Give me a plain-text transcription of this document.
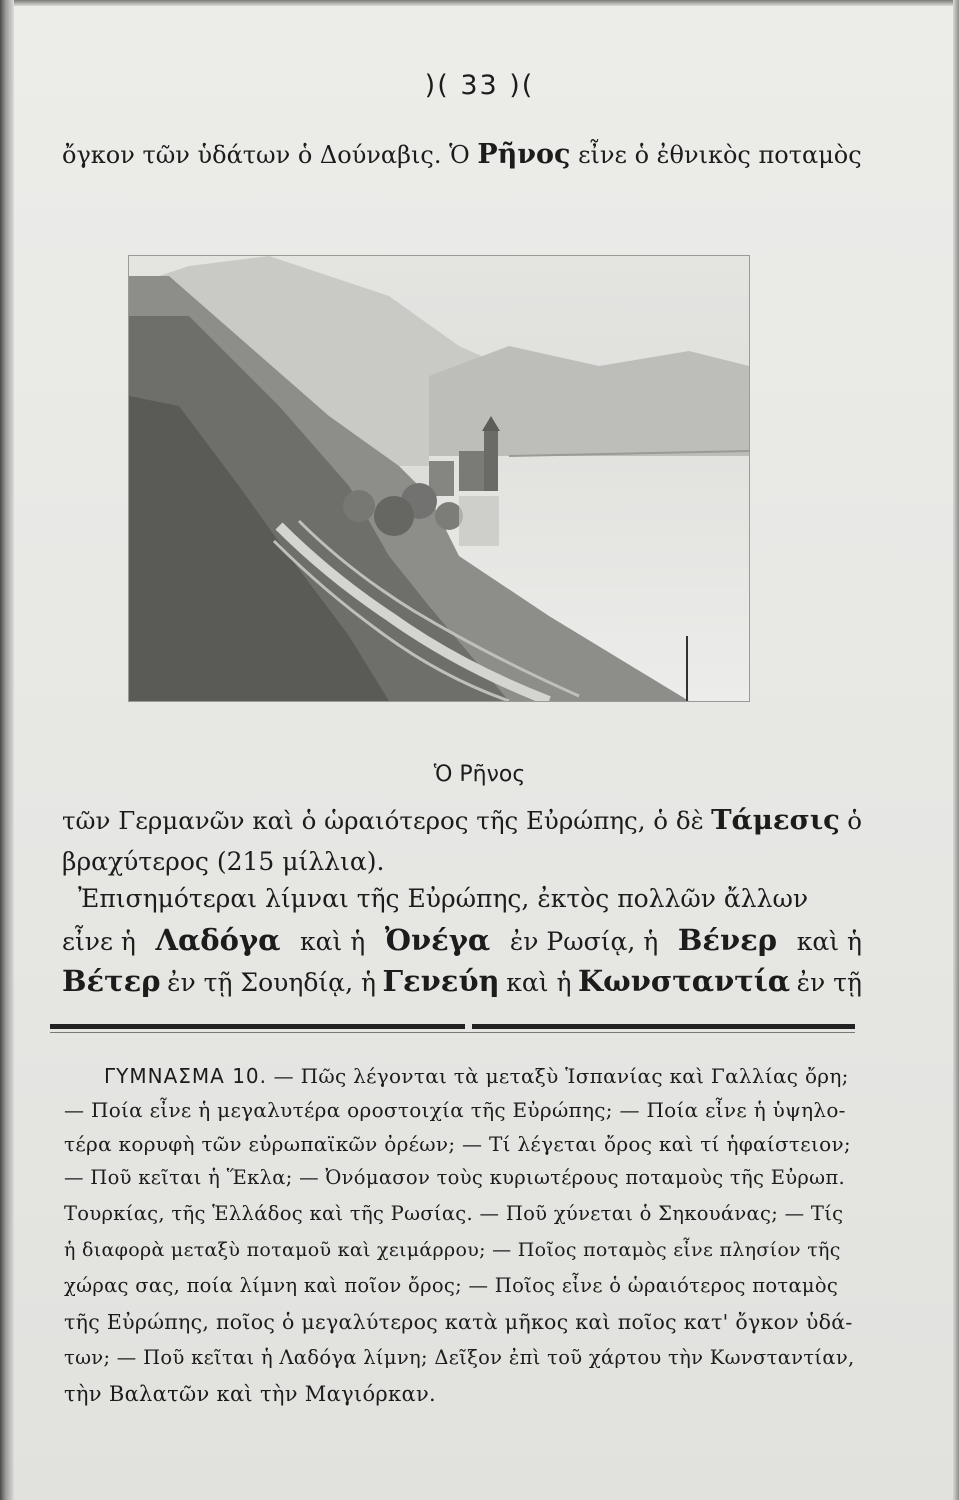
)( 33 )(
ὄγκον τῶν ὑδάτων ὁ Δούναβις. Ὁ Ρῆνος εἶνε ὁ ἐθνικὸς ποταμὸς
Ὁ Ρῆνος
τῶν Γερμανῶν καὶ ὁ ὡραιότερος τῆς Εὐρώπης, ὁ δὲ Τάμεσις ὁ
βραχύτερος (215 μίλλια).
Ἐπισημότεραι λίμναι τῆς Εὐρώπης, ἐκτὸς πολλῶν ἄλλων
εἶνε ἡ Λαδόγα καὶ ἡ Ὀνέγα ἐν Ρωσίᾳ, ἡ Βένερ καὶ ἡ
Βέτερ ἐν τῇ Σουηδίᾳ, ἡ Γενεύη καὶ ἡ Κωνσταντία ἐν τῇ
ΓΥΜΝΑΣΜΑ 10. — Πῶς λέγονται τὰ μεταξὺ Ἱσπανίας καὶ Γαλλίας ὄρη;
— Ποία εἶνε ἡ μεγαλυτέρα οροστοιχία τῆς Εὐρώπης; — Ποία εἶνε ἡ ὑψηλο-
τέρα κορυφὴ τῶν εὐρωπαϊκῶν ὀρέων; — Τί λέγεται ὄρος καὶ τί ἡφαίστειον;
— Ποῦ κεῖται ἡ Ἕκλα; — Ὀνόμασον τοὺς κυριωτέρους ποταμοὺς τῆς Εὐρωπ.
Τουρκίας, τῆς Ἑλλάδος καὶ τῆς Ρωσίας. — Ποῦ χύνεται ὁ Σηκουάνας; — Τίς
ἡ διαφορὰ μεταξὺ ποταμοῦ καὶ χειμάρρου; — Ποῖος ποταμὸς εἶνε πλησίον τῆς
χώρας σας, ποία λίμνη καὶ ποῖον ὄρος; — Ποῖος εἶνε ὁ ὡραιότερος ποταμὸς
τῆς Εὐρώπης, ποῖος ὁ μεγαλύτερος κατὰ μῆκος καὶ ποῖος κατ' ὄγκον ὑδά-
των; — Ποῦ κεῖται ἡ Λαδόγα λίμνη; Δεῖξον ἐπὶ τοῦ χάρτου τὴν Κωνσταντίαν,
τὴν Βαλατῶν καὶ τὴν Μαγιόρκαν.
